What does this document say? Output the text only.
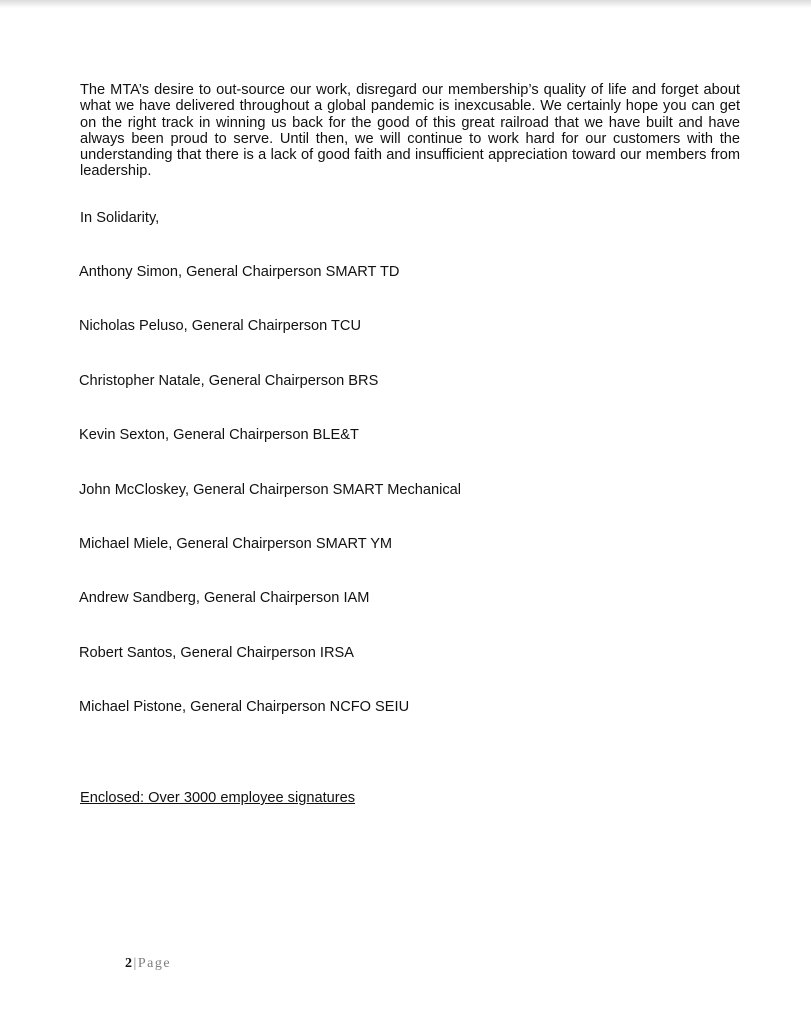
The MTA’s desire to out-source our work, disregard our membership’s quality of life and forget about what we have delivered throughout a global pandemic is inexcusable. We certainly hope you can get on the right track in winning us back for the good of this great railroad that we have built and have always been proud to serve. Until then, we will continue to work hard for our customers with the understanding that there is a lack of good faith and insufficient appreciation toward our members from leadership.

In Solidarity,

Anthony Simon, General Chairperson SMART TD
Nicholas Peluso, General Chairperson TCU
Christopher Natale, General Chairperson BRS
Kevin Sexton, General Chairperson BLE&T
John McCloskey, General Chairperson SMART Mechanical
Michael Miele, General Chairperson SMART YM
Andrew Sandberg, General Chairperson IAM
Robert Santos, General Chairperson IRSA
Michael Pistone, General Chairperson NCFO SEIU

Enclosed: Over 3000 employee signatures

2|Page
